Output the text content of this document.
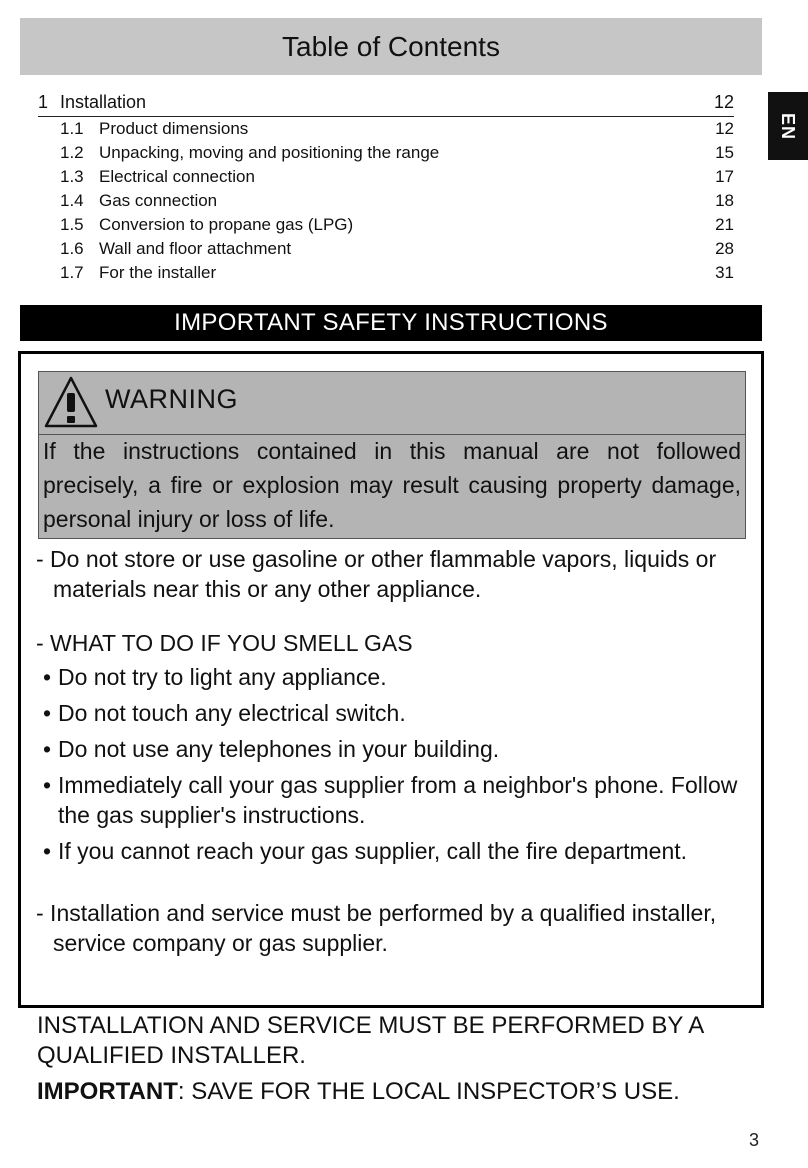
Table of Contents
EN
1 Installation	12
1.1 Product dimensions	12
1.2 Unpacking, moving and positioning the range	15
1.3 Electrical connection	17
1.4 Gas connection	18
1.5 Conversion to propane gas (LPG)	21
1.6 Wall and floor attachment	28
1.7 For the installer	31
IMPORTANT SAFETY INSTRUCTIONS
WARNING
If the instructions contained in this manual are not followed precisely, a fire or explosion may result causing property damage, personal injury or loss of life.
- Do not store or use gasoline or other flammable vapors, liquids or materials near this or any other appliance.
- WHAT TO DO IF YOU SMELL GAS
• Do not try to light any appliance.
• Do not touch any electrical switch.
• Do not use any telephones in your building.
• Immediately call your gas supplier from a neighbor's phone. Follow the gas supplier's instructions.
• If you cannot reach your gas supplier, call the fire department.
- Installation and service must be performed by a qualified installer, service company or gas supplier.
INSTALLATION AND SERVICE MUST BE PERFORMED BY A QUALIFIED INSTALLER.
IMPORTANT: SAVE FOR THE LOCAL INSPECTOR’S USE.
3
